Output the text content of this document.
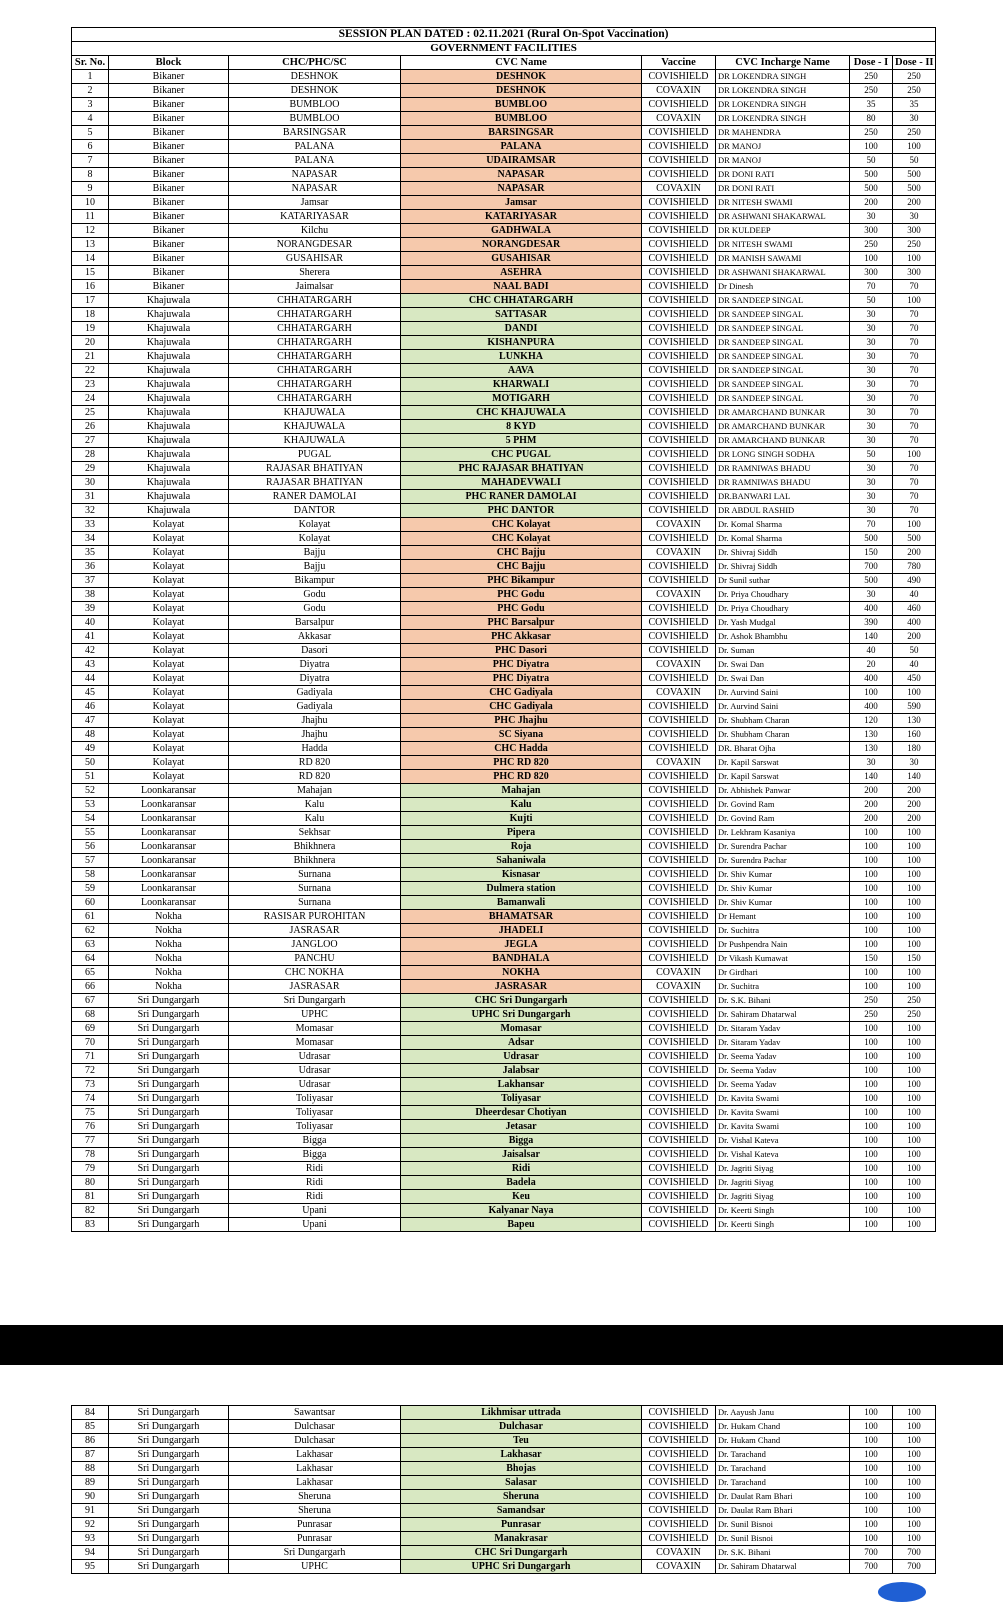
SESSION PLAN DATED : 02.11.2021 (Rural On-Spot Vaccination)							
GOVERNMENT FACILITIES							
Sr. No.	Block	CHC/PHC/SC	CVC Name	Vaccine	CVC Incharge Name	Dose - I	Dose - II
1	Bikaner	DESHNOK	DESHNOK	COVISHIELD	DR LOKENDRA SINGH	250	250
2	Bikaner	DESHNOK	DESHNOK	COVAXIN	DR LOKENDRA SINGH	250	250
3	Bikaner	BUMBLOO	BUMBLOO	COVISHIELD	DR LOKENDRA SINGH	35	35
4	Bikaner	BUMBLOO	BUMBLOO	COVAXIN	DR LOKENDRA SINGH	80	30
5	Bikaner	BARSINGSAR	BARSINGSAR	COVISHIELD	DR MAHENDRA	250	250
6	Bikaner	PALANA	PALANA	COVISHIELD	DR MANOJ	100	100
7	Bikaner	PALANA	UDAIRAMSAR	COVISHIELD	DR MANOJ	50	50
8	Bikaner	NAPASAR	NAPASAR	COVISHIELD	DR DONI RATI	500	500
9	Bikaner	NAPASAR	NAPASAR	COVAXIN	DR DONI RATI	500	500
10	Bikaner	Jamsar	Jamsar	COVISHIELD	DR NITESH SWAMI	200	200
11	Bikaner	KATARIYASAR	KATARIYASAR	COVISHIELD	DR ASHWANI SHAKARWAL	30	30
12	Bikaner	Kilchu	GADHWALA	COVISHIELD	DR KULDEEP	300	300
13	Bikaner	NORANGDESAR	NORANGDESAR	COVISHIELD	DR NITESH SWAMI	250	250
14	Bikaner	GUSAHISAR	GUSAHISAR	COVISHIELD	DR MANISH SAWAMI	100	100
15	Bikaner	Sherera	ASEHRA	COVISHIELD	DR ASHWANI SHAKARWAL	300	300
16	Bikaner	Jaimalsar	NAAL BADI	COVISHIELD	Dr Dinesh	70	70
17	Khajuwala	CHHATARGARH	CHC CHHATARGARH	COVISHIELD	DR SANDEEP SINGAL	50	100
18	Khajuwala	CHHATARGARH	SATTASAR	COVISHIELD	DR SANDEEP SINGAL	30	70
19	Khajuwala	CHHATARGARH	DANDI	COVISHIELD	DR SANDEEP SINGAL	30	70
20	Khajuwala	CHHATARGARH	KISHANPURA	COVISHIELD	DR SANDEEP SINGAL	30	70
21	Khajuwala	CHHATARGARH	LUNKHA	COVISHIELD	DR SANDEEP SINGAL	30	70
22	Khajuwala	CHHATARGARH	AAVA	COVISHIELD	DR SANDEEP SINGAL	30	70
23	Khajuwala	CHHATARGARH	KHARWALI	COVISHIELD	DR SANDEEP SINGAL	30	70
24	Khajuwala	CHHATARGARH	MOTIGARH	COVISHIELD	DR SANDEEP SINGAL	30	70
25	Khajuwala	KHAJUWALA	CHC KHAJUWALA	COVISHIELD	DR AMARCHAND BUNKAR	30	70
26	Khajuwala	KHAJUWALA	8 KYD	COVISHIELD	DR AMARCHAND BUNKAR	30	70
27	Khajuwala	KHAJUWALA	5 PHM	COVISHIELD	DR AMARCHAND BUNKAR	30	70
28	Khajuwala	PUGAL	CHC PUGAL	COVISHIELD	DR LONG SINGH SODHA	50	100
29	Khajuwala	RAJASAR BHATIYAN	PHC RAJASAR BHATIYAN	COVISHIELD	DR RAMNIWAS BHADU	30	70
30	Khajuwala	RAJASAR BHATIYAN	MAHADEVWALI	COVISHIELD	DR RAMNIWAS BHADU	30	70
31	Khajuwala	RANER DAMOLAI	PHC RANER DAMOLAI	COVISHIELD	DR.BANWARI LAL	30	70
32	Khajuwala	DANTOR	PHC DANTOR	COVISHIELD	DR ABDUL RASHID	30	70
33	Kolayat	Kolayat	CHC Kolayat	COVAXIN	Dr. Komal Sharma	70	100
34	Kolayat	Kolayat	CHC Kolayat	COVISHIELD	Dr. Komal Sharma	500	500
35	Kolayat	Bajju	CHC Bajju	COVAXIN	Dr. Shivraj Siddh	150	200
36	Kolayat	Bajju	CHC Bajju	COVISHIELD	Dr. Shivraj Siddh	700	780
37	Kolayat	Bikampur	PHC Bikampur	COVISHIELD	Dr Sunil suthar	500	490
38	Kolayat	Godu	PHC Godu	COVAXIN	Dr. Priya Choudhary	30	40
39	Kolayat	Godu	PHC Godu	COVISHIELD	Dr. Priya Choudhary	400	460
40	Kolayat	Barsalpur	PHC Barsalpur	COVISHIELD	Dr. Yash Mudgal	390	400
41	Kolayat	Akkasar	PHC Akkasar	COVISHIELD	Dr. Ashok Bhambhu	140	200
42	Kolayat	Dasori	PHC Dasori	COVISHIELD	Dr. Suman	40	50
43	Kolayat	Diyatra	PHC Diyatra	COVAXIN	Dr. Swai Dan	20	40
44	Kolayat	Diyatra	PHC Diyatra	COVISHIELD	Dr. Swai Dan	400	450
45	Kolayat	Gadiyala	CHC Gadiyala	COVAXIN	Dr. Aurvind Saini	100	100
46	Kolayat	Gadiyala	CHC Gadiyala	COVISHIELD	Dr. Aurvind Saini	400	590
47	Kolayat	Jhajhu	PHC Jhajhu	COVISHIELD	Dr. Shubham Charan	120	130
48	Kolayat	Jhajhu	SC Siyana	COVISHIELD	Dr. Shubham Charan	130	160
49	Kolayat	Hadda	CHC Hadda	COVISHIELD	DR. Bharat Ojha	130	180
50	Kolayat	RD 820	PHC RD 820	COVAXIN	Dr. Kapil Sarswat	30	30
51	Kolayat	RD 820	PHC RD 820	COVISHIELD	Dr. Kapil Sarswat	140	140
52	Loonkaransar	Mahajan	Mahajan	COVISHIELD	Dr. Abhishek Panwar	200	200
53	Loonkaransar	Kalu	Kalu	COVISHIELD	Dr. Govind Ram	200	200
54	Loonkaransar	Kalu	Kujti	COVISHIELD	Dr. Govind Ram	200	200
55	Loonkaransar	Sekhsar	Pipera	COVISHIELD	Dr. Lekhram Kasaniya	100	100
56	Loonkaransar	Bhikhnera	Roja	COVISHIELD	Dr. Surendra Pachar	100	100
57	Loonkaransar	Bhikhnera	Sahaniwala	COVISHIELD	Dr. Surendra Pachar	100	100
58	Loonkaransar	Surnana	Kisnasar	COVISHIELD	Dr. Shiv Kumar	100	100
59	Loonkaransar	Surnana	Dulmera station	COVISHIELD	Dr. Shiv Kumar	100	100
60	Loonkaransar	Surnana	Bamanwali	COVISHIELD	Dr. Shiv Kumar	100	100
61	Nokha	RASISAR PUROHITAN	BHAMATSAR	COVISHIELD	Dr Hemant	100	100
62	Nokha	JASRASAR	JHADELI	COVISHIELD	Dr. Suchitra	100	100
63	Nokha	JANGLOO	JEGLA	COVISHIELD	Dr Pushpendra Nain	100	100
64	Nokha	PANCHU	BANDHALA	COVISHIELD	Dr Vikash Kumawat	150	150
65	Nokha	CHC NOKHA	NOKHA	COVAXIN	Dr Girdhari	100	100
66	Nokha	JASRASAR	JASRASAR	COVAXIN	Dr. Suchitra	100	100
67	Sri Dungargarh	Sri Dungargarh	CHC Sri Dungargarh	COVISHIELD	Dr. S.K. Bihani	250	250
68	Sri Dungargarh	UPHC	UPHC Sri Dungargarh	COVISHIELD	Dr. Sahiram Dhatarwal	250	250
69	Sri Dungargarh	Momasar	Momasar	COVISHIELD	Dr. Sitaram Yadav	100	100
70	Sri Dungargarh	Momasar	Adsar	COVISHIELD	Dr. Sitaram Yadav	100	100
71	Sri Dungargarh	Udrasar	Udrasar	COVISHIELD	Dr. Seema Yadav	100	100
72	Sri Dungargarh	Udrasar	Jalabsar	COVISHIELD	Dr. Seema Yadav	100	100
73	Sri Dungargarh	Udrasar	Lakhansar	COVISHIELD	Dr. Seema Yadav	100	100
74	Sri Dungargarh	Toliyasar	Toliyasar	COVISHIELD	Dr. Kavita Swami	100	100
75	Sri Dungargarh	Toliyasar	Dheerdesar Chotiyan	COVISHIELD	Dr. Kavita Swami	100	100
76	Sri Dungargarh	Toliyasar	Jetasar	COVISHIELD	Dr. Kavita Swami	100	100
77	Sri Dungargarh	Bigga	Bigga	COVISHIELD	Dr. Vishal Kateva	100	100
78	Sri Dungargarh	Bigga	Jaisalsar	COVISHIELD	Dr. Vishal Kateva	100	100
79	Sri Dungargarh	Ridi	Ridi	COVISHIELD	Dr. Jagriti Siyag	100	100
80	Sri Dungargarh	Ridi	Badela	COVISHIELD	Dr. Jagriti Siyag	100	100
81	Sri Dungargarh	Ridi	Keu	COVISHIELD	Dr. Jagriti Siyag	100	100
82	Sri Dungargarh	Upani	Kalyanar Naya	COVISHIELD	Dr. Keerti Singh	100	100
83	Sri Dungargarh	Upani	Bapeu	COVISHIELD	Dr. Keerti Singh	100	100
84	Sri Dungargarh	Sawantsar	Likhmisar uttrada	COVISHIELD	Dr. Aayush Janu	100	100
85	Sri Dungargarh	Dulchasar	Dulchasar	COVISHIELD	Dr. Hukam Chand	100	100
86	Sri Dungargarh	Dulchasar	Teu	COVISHIELD	Dr. Hukam Chand	100	100
87	Sri Dungargarh	Lakhasar	Lakhasar	COVISHIELD	Dr. Tarachand	100	100
88	Sri Dungargarh	Lakhasar	Bhojas	COVISHIELD	Dr. Tarachand	100	100
89	Sri Dungargarh	Lakhasar	Salasar	COVISHIELD	Dr. Tarachand	100	100
90	Sri Dungargarh	Sheruna	Sheruna	COVISHIELD	Dr. Daulat Ram Bhari	100	100
91	Sri Dungargarh	Sheruna	Samandsar	COVISHIELD	Dr. Daulat Ram Bhari	100	100
92	Sri Dungargarh	Punrasar	Punrasar	COVISHIELD	Dr. Sunil Bisnoi	100	100
93	Sri Dungargarh	Punrasar	Manakrasar	COVISHIELD	Dr. Sunil Bisnoi	100	100
94	Sri Dungargarh	Sri Dungargarh	CHC Sri Dungargarh	COVAXIN	Dr. S.K. Bihani	700	700
95	Sri Dungargarh	UPHC	UPHC Sri Dungargarh	COVAXIN	Dr. Sahiram Dhatarwal	700	700
